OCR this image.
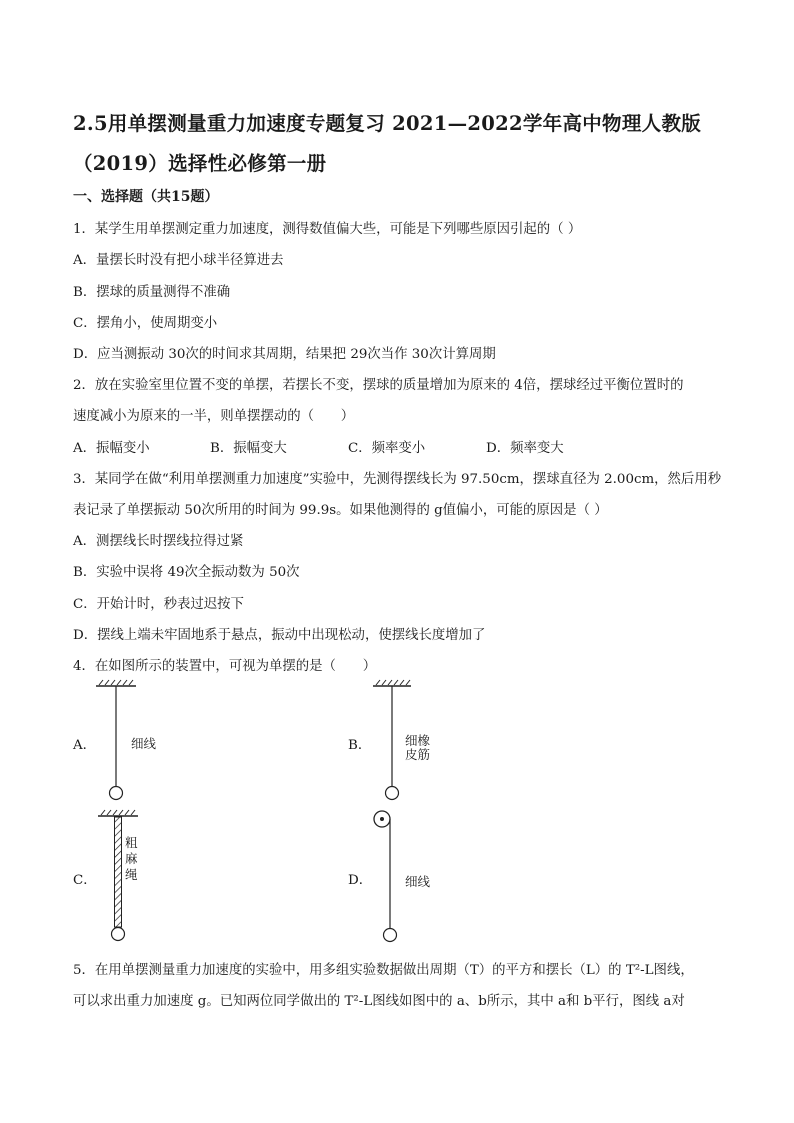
2.5用单摆测量重力加速度专题复习 2021—2022学年高中物理人教版
（2019）选择性必修第一册
一、选择题（共15题）
1．某学生用单摆测定重力加速度，测得数值偏大些，可能是下列哪些原因引起的（ ）
A．量摆长时没有把小球半径算进去
B．摆球的质量测得不准确
C．摆角小，使周期变小
D．应当测振动 30次的时间求其周期，结果把 29次当作 30次计算周期
2．放在实验室里位置不变的单摆，若摆长不变，摆球的质量增加为原来的 4倍，摆球经过平衡位置时的
速度减小为原来的一半，则单摆摆动的（　　）
A．振幅变小	B．振幅变大	C．频率变小	D．频率变大
3．某同学在做“利用单摆测重力加速度”实验中，先测得摆线长为 97.50cm，摆球直径为 2.00cm，然后用秒
表记录了单摆振动 50次所用的时间为 99.9s。如果他测得的 g值偏小，可能的原因是（ ）
A．测摆线长时摆线拉得过紧
B．实验中误将 49次全振动数为 50次
C．开始计时，秒表过迟按下
D．摆线上端未牢固地系于悬点，振动中出现松动，使摆线长度增加了
4．在如图所示的装置中，可视为单摆的是（　　）
A．	细线	B．	细橡
皮筋
C．
粗
麻
绳	D．	细线
5．在用单摆测量重力加速度的实验中，用多组实验数据做出周期（T）的平方和摆长（L）的 T²-L图线，
可以求出重力加速度 g。已知两位同学做出的 T²-L图线如图中的 a、b所示，其中 a和 b平行，图线 a对
